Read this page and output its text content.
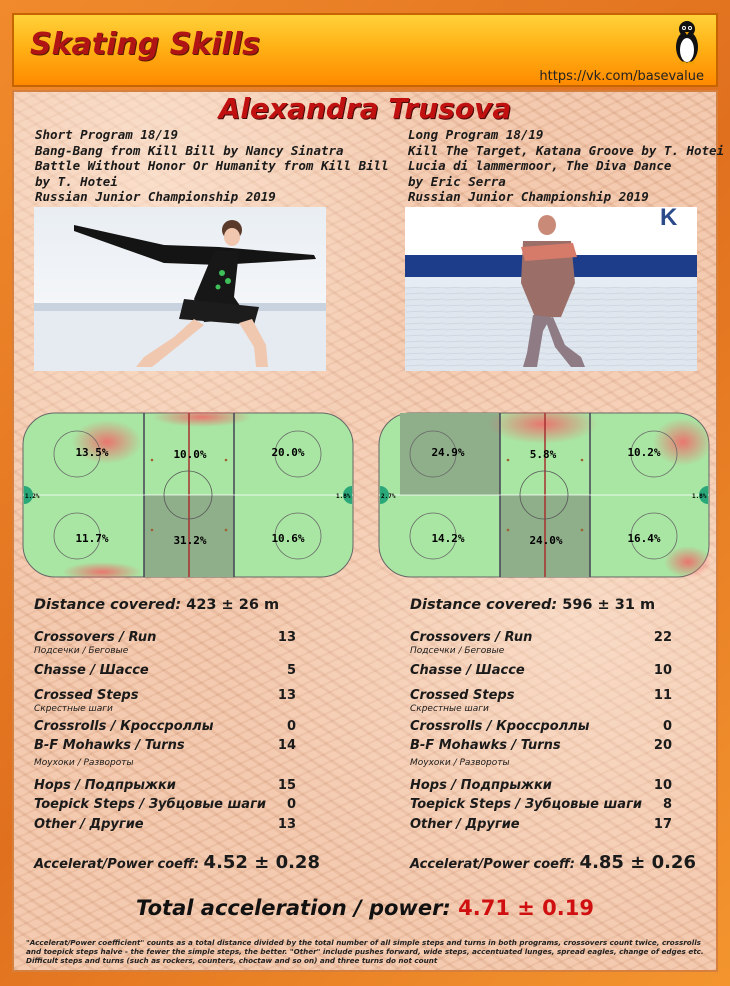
Skating Skills
https://vk.com/basevalue
Alexandra Trusova
Short Program 18/19
Bang-Bang from Kill Bill by Nancy Sinatra
Battle Without Honor Or Humanity from Kill Bill
by T. Hotei
Russian Junior Championship 2019
Long Program 18/19
Kill The Target, Katana Groove by T. Hotei
Lucia di lammermoor, The Diva Dance
by Eric Serra
Russian Junior Championship 2019
K
13.5%	10.0%	20.0%
11.7%	31.2%	10.6%
1.2%	1.8%
24.9%	5.8%	10.2%
14.2%	24.0%	16.4%
2.7%	1.8%
Distance covered: 423 ± 26 m
Crossovers / Run
Подсечки / Беговые
13
Chasse / Шассе	5
Crossed Steps
Скрестные шаги
13
Crossrolls / Кроссроллы	0
B-F Mohawks / Turns
Моухоки / Развороты
14
Hops / Подпрыжки	15
Toepick Steps / Зубцовые шаги 0
Other / Другие	13
Accelerat/Power coeff: 4.52 ± 0.28
Distance covered: 596 ± 31 m
Crossovers / Run
Подсечки / Беговые
22
Chasse / Шассе	10
Crossed Steps
Скрестные шаги
11
Crossrolls / Кроссроллы	0
B-F Mohawks / Turns
Моухоки / Развороты
20
Hops / Подпрыжки	10
Toepick Steps / Зубцовые шаги 8
Other / Другие	17
Accelerat/Power coeff: 4.85 ± 0.26
Total acceleration / power: 4.71 ± 0.19
"Accelerat/Power coefficient" counts as a total distance divided by the total number of all simple steps and turns in both programs, crossovers count twice, crossrolls and toepick steps halve - the fewer the simple steps, the better. "Other" include pushes forward, wide steps, accentuated lunges, spread eagles, change of edges etc. Difficult steps and turns (such as rockers, counters, choctaw and so on) and three turns do not count
